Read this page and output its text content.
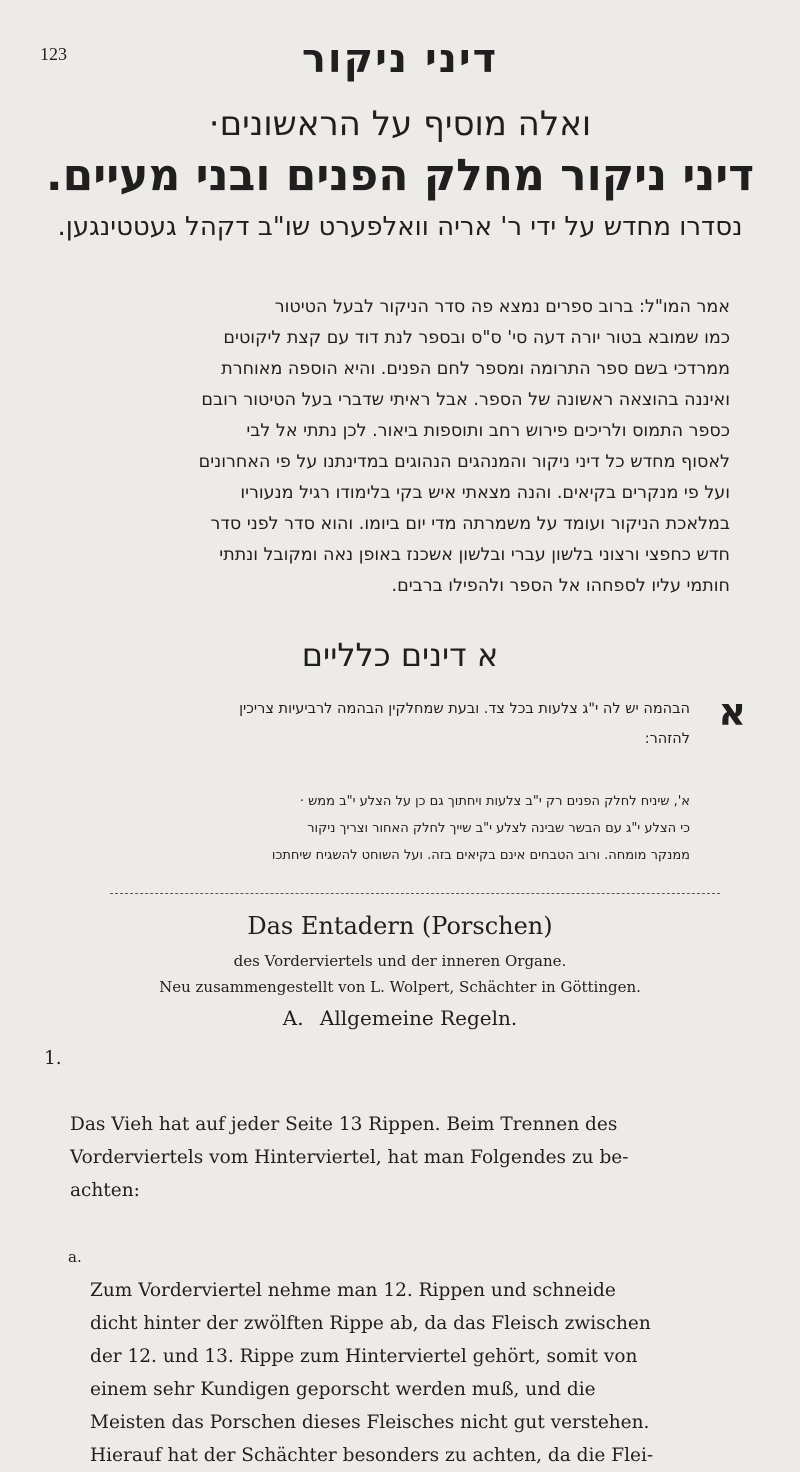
123	דיני ניקור
ואלה מוסיף על הראשונים·
דיני ניקור מחלק הפנים ובני מעיים.
נסדרו מחדש על ידי ר' אריה וואלפערט שו"ב דקהל געטטינגען.
אמר המו"ל: ברוב ספרים נמצא פה סדר הניקור לבעל הטיטור
כמו שמובא בטור יורה דעה סי' ס"ס ובספר לנת דוד עם קצת ליקוטים
ממרדכי בשם ספר התרומה ומספר לחם הפנים. והיא הוספה מאוחרת
ואיננה בהוצאה ראשונה של הספר. אבל ראיתי שדברי בעל הטיטור רובם
כספר התמוס ולריכים פירוש רחב ותוספות ביאור. לכן נתתי אל לבי
לאסוף מחדש כל דיני ניקור והמנהגים הנהוגים במדינתנו על פי האחרונים
ועל פי מנקרים בקיאים. והנה מצאתי איש בקי בלימודו רגיל מנעוריו
במלאכת הניקור ועומד על משמרתה מדי יום ביומו. והוא סדר לפני סדר
חדש כחפצי ורצוני בלשון עברי ובלשון אשכנז באופן נאה ומקובל ונתתי
חותמי עליו לספחהו אל הספר ולהפילו ברבים.
א דינים כלליים
א
הבהמה יש לה י"ג צלעות בכל צד. ובעת שמחלקין הבהמה לרביעיות צריכין
להזהר:
א', שיניח לחלק הפנים רק י"ב צלעות ויחתוך גם כן על הצלע י"ב ממש ·
כי הצלע י"ג עם הבשר שבינה לצלע י"ב שייך לחלק האחור וצריך ניקור
ממנקר מומחה. ורוב הטבחים אינם בקיאים בזה. ועל השוחט להשגיח שיחתכו
Das Entadern (Porschen)
des Vorderviertels und der inneren Organe.
Neu zusammengestellt von L. Wolpert, Schächter in Göttingen.
A. Allgemeine Regeln.

1.

Das Vieh hat auf jeder Seite 13 Rippen. Beim Trennen des
Vorderviertels vom Hinterviertel, hat man Folgendes zu be-
achten:

a.
Zum Vorderviertel nehme man 12. Rippen und schneide
dicht hinter der zwölften Rippe ab, da das Fleisch zwischen
der 12. und 13. Rippe zum Hinterviertel gehört, somit von
einem sehr Kundigen geporscht werden muß, und die
Meisten das Porschen dieses Fleisches nicht gut verstehen.
Hierauf hat der Schächter besonders zu achten, da die Flei-
